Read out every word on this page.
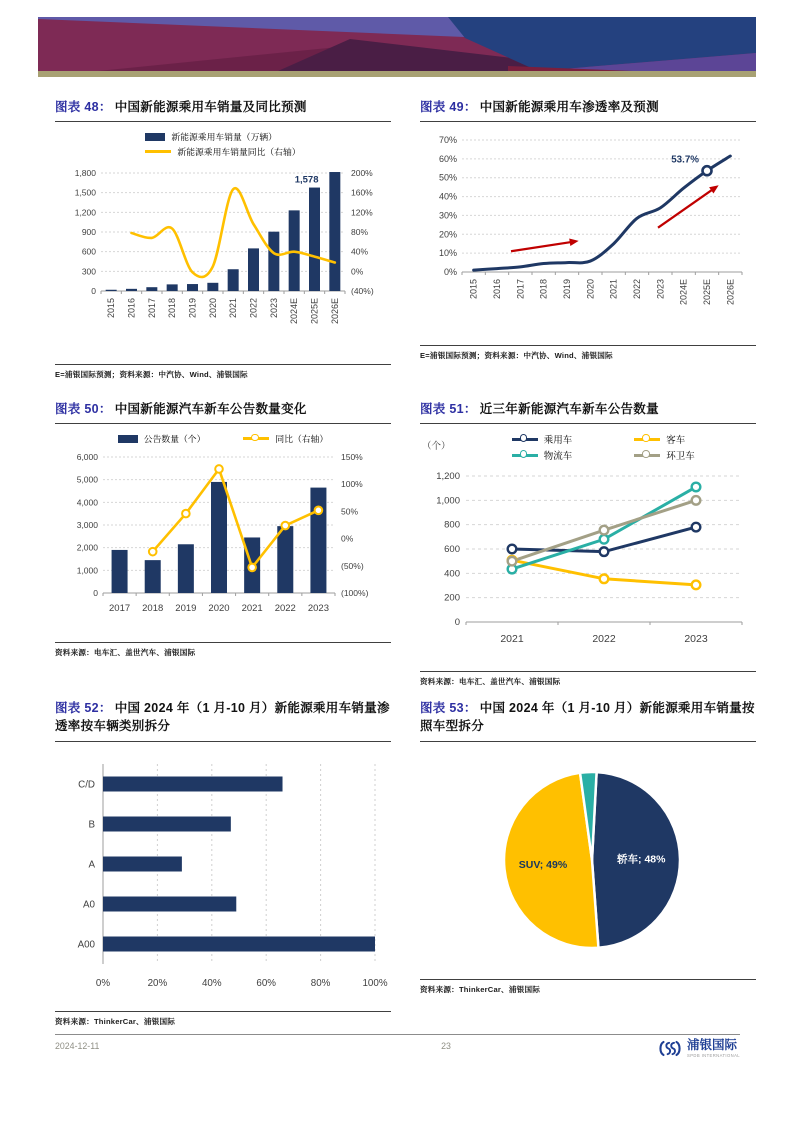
图表 48： 中国新能源乘用车销量及同比预测
新能源乘用车销量（万辆）
新能源乘用车销量同比（右轴）
0
300
600
900
1,200
1,500
1,800
(40%)
0%
40%
80%
120%
160%
200%
1,578
2015 2016 2017 2018 2019 2020 2021 2022 2023 2024E 2025E 2026E
E=浦银国际预测；资料来源：中汽协、Wind、浦银国际
图表 49： 中国新能源乘用车渗透率及预测
0%
10%
20%
30%
40%
50%
60%
70%
53.7%
2015 2016 2017 2018 2019 2020 2021 2022 2023 2024E 2025E 2026E
E=浦银国际预测；资料来源：中汽协、Wind、浦银国际
图表 50： 中国新能源汽车新车公告数量变化
公告数量（个）	同比（右轴）
0
1,000
2,000
3,000
4,000
5,000
6,000
(100%)
(50%)
0%
50%
100%
150%
2017 2018 2019 2020 2021 2022 2023
资料来源：电车汇、盖世汽车、浦银国际
图表 51： 近三年新能源汽车新车公告数量
（个）
乘用车	客车
物流车	环卫车
0
200
400
600
800
1,000
1,200
2021	2022	2023
资料来源：电车汇、盖世汽车、浦银国际
图表 52： 中国 2024 年（1 月-10 月）新能源乘用车销量渗透率按车辆类别拆分
C/D
B
A
A0
A00
0%	20%	40%	60%	80%	100%
资料来源：ThinkerCar、浦银国际
图表 53： 中国 2024 年（1 月-10 月）新能源乘用车销量按照车型拆分
轿车; 48%
SUV; 49%
资料来源：ThinkerCar、浦银国际
2024-12-11	23	浦银国际
SPDB INTERNATIONAL
